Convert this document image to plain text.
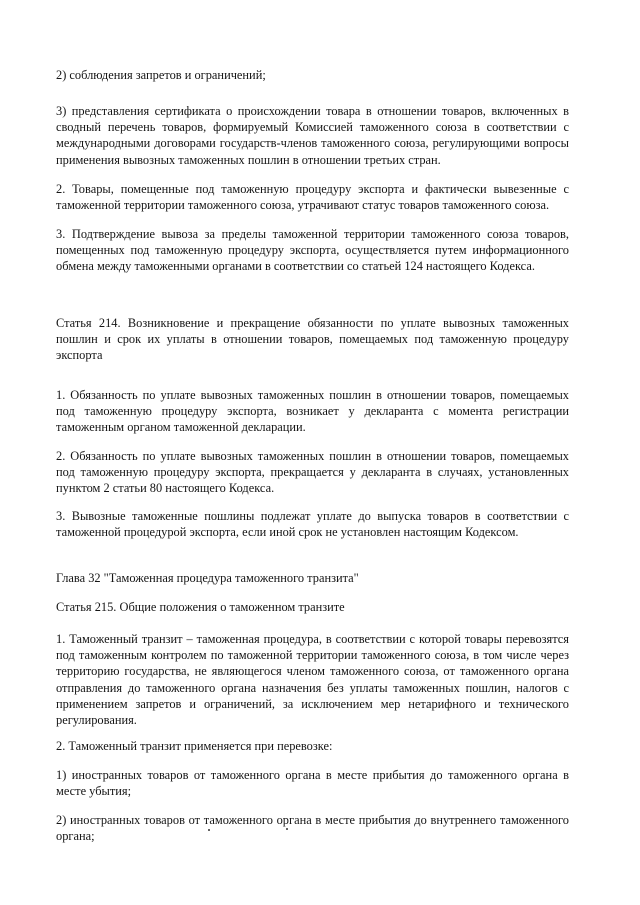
2) соблюдения запретов и ограничений;

3) представления сертификата о происхождении товара в отношении товаров, включенных в сводный перечень товаров, формируемый Комиссией таможенного союза в соответствии с международными договорами государств-членов таможенного союза, регулирующими вопросы применения вывозных таможенных пошлин в отношении третьих стран.

2. Товары, помещенные под таможенную процедуру экспорта и фактически вывезенные с таможенной территории таможенного союза, утрачивают статус товаров таможенного союза.

3. Подтверждение вывоза за пределы таможенной территории таможенного союза товаров, помещенных под таможенную процедуру экспорта, осуществляется путем информационного обмена между таможенными органами в соответствии со статьей 124 настоящего Кодекса.

Статья 214. Возникновение и прекращение обязанности по уплате вывозных таможенных пошлин и срок их уплаты в отношении товаров, помещаемых под таможенную процедуру экспорта

1. Обязанность по уплате вывозных таможенных пошлин в отношении товаров, помещаемых под таможенную процедуру экспорта, возникает у декларанта с момента регистрации таможенным органом таможенной декларации.

2. Обязанность по уплате вывозных таможенных пошлин в отношении товаров, помещаемых под таможенную процедуру экспорта, прекращается у декларанта в случаях, установленных пунктом 2 статьи 80 настоящего Кодекса.

3. Вывозные таможенные пошлины подлежат уплате до выпуска товаров в соответствии с таможенной процедурой экспорта, если иной срок не установлен настоящим Кодексом.

Глава 32 "Таможенная процедура таможенного транзита"

Статья 215. Общие положения о таможенном транзите

1. Таможенный транзит – таможенная процедура, в соответствии с которой товары перевозятся под таможенным контролем по таможенной территории таможенного союза, в том числе через территорию государства, не являющегося членом таможенного союза, от таможенного органа отправления до таможенного органа назначения без уплаты таможенных пошлин, налогов с применением запретов и ограничений, за исключением мер нетарифного и технического регулирования.

2. Таможенный транзит применяется при перевозке:

1) иностранных товаров от таможенного органа в месте прибытия до таможенного органа в месте убытия;

2) иностранных товаров от таможенного органа в месте прибытия до внутреннего таможенного органа;
